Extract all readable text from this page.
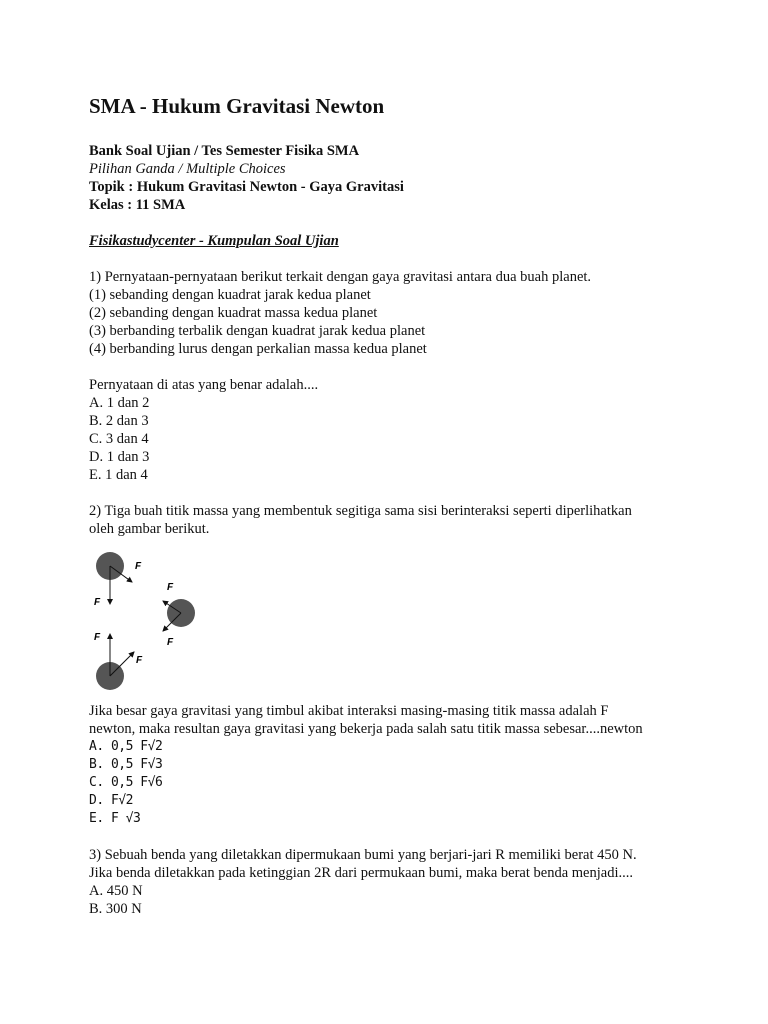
SMA - Hukum Gravitasi Newton
Bank Soal Ujian / Tes Semester Fisika SMA
Pilihan Ganda / Multiple Choices
Topik : Hukum Gravitasi Newton - Gaya Gravitasi
Kelas : 11 SMA
Fisikastudycenter - Kumpulan Soal Ujian
1) Pernyataan-pernyataan berikut terkait dengan gaya gravitasi antara dua buah planet.
(1) sebanding dengan kuadrat jarak kedua planet
(2) sebanding dengan kuadrat massa kedua planet
(3) berbanding terbalik dengan kuadrat jarak kedua planet
(4) berbanding lurus dengan perkalian massa kedua planet
Pernyataan di atas yang benar adalah....
A. 1 dan 2
B. 2 dan 3
C. 3 dan 4
D. 1 dan 3
E. 1 dan 4
2) Tiga buah titik massa yang membentuk segitiga sama sisi berinteraksi seperti diperlihatkan
oleh gambar berikut.
F
F
F
F
F
F
Jika besar gaya gravitasi yang timbul akibat interaksi masing-masing titik massa adalah F
newton, maka resultan gaya gravitasi yang bekerja pada salah satu titik massa sebesar....newton
A. 0,5 F√2
B. 0,5 F√3
C. 0,5 F√6
D. F√2
E. F √3
3) Sebuah benda yang diletakkan dipermukaan bumi yang berjari-jari R memiliki berat 450 N.
Jika benda diletakkan pada ketinggian 2R dari permukaan bumi, maka berat benda menjadi....
A. 450 N
B. 300 N
